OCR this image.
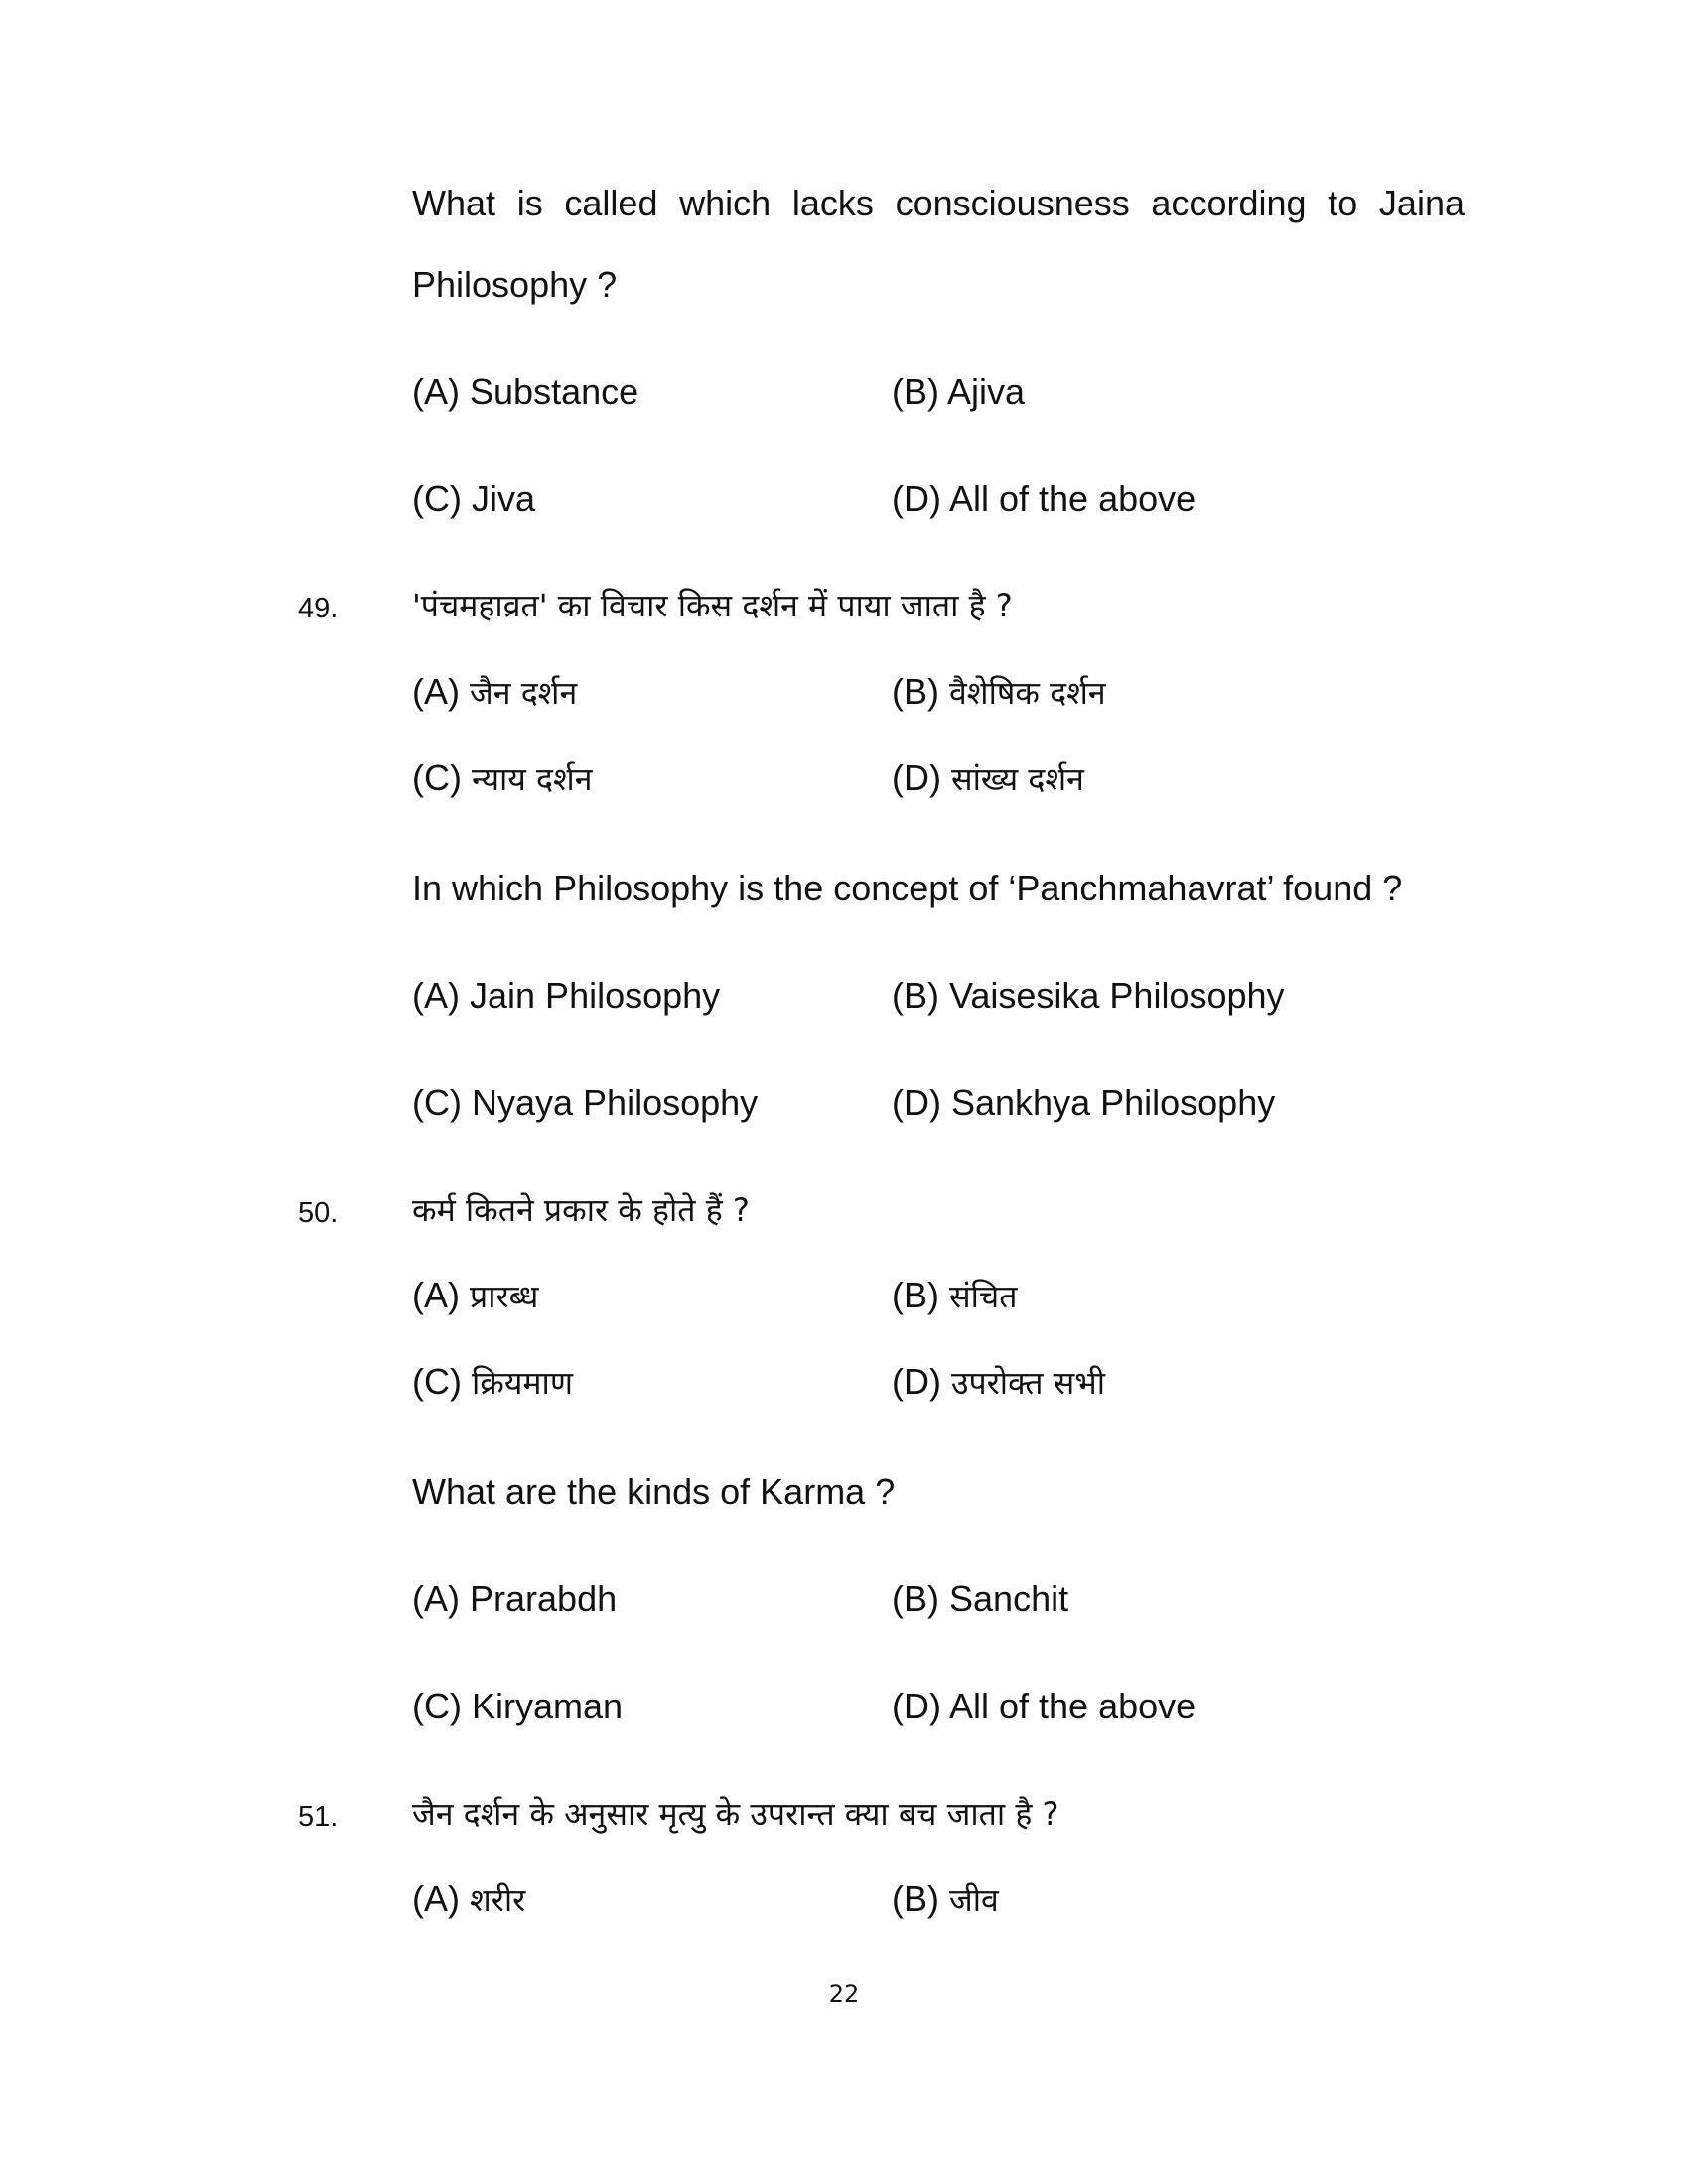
What is called which lacks consciousness according to Jaina
Philosophy ?
(A) Substance	(B) Ajiva
(C) Jiva	(D) All of the above
49. 'पंचमहाव्रत' का विचार किस दर्शन में पाया जाता है ?
(A) जैन दर्शन	(B) वैशेषिक दर्शन
(C) न्याय दर्शन	(D) सांख्य दर्शन
In which Philosophy is the concept of ‘Panchmahavrat’ found ?
(A) Jain Philosophy	(B) Vaisesika Philosophy
(C) Nyaya Philosophy	(D) Sankhya Philosophy
50. कर्म कितने प्रकार के होते हैं ?
(A) प्रारब्ध	(B) संचित
(C) क्रियमाण	(D) उपरोक्त सभी
What are the kinds of Karma ?
(A) Prarabdh	(B) Sanchit
(C) Kiryaman	(D) All of the above
51. जैन दर्शन के अनुसार मृत्यु के उपरान्त क्या बच जाता है ?
(A) शरीर	(B) जीव
22
